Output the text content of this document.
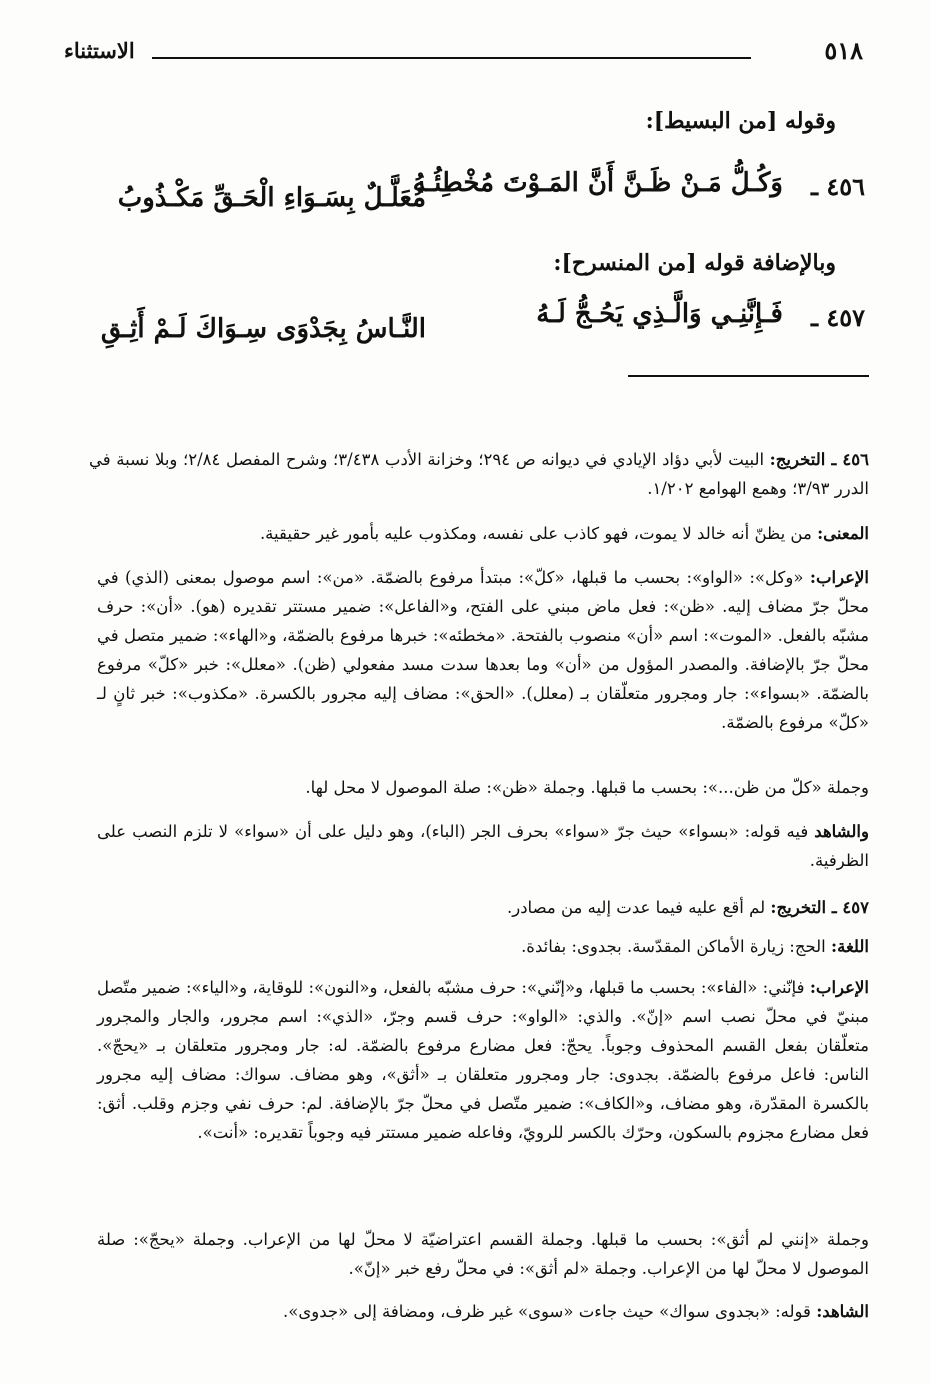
٥١٨
الاستثناء
وقوله [من البسيط]:
٤٥٦ ـ
وَكُـلُّ مَـنْ ظَـنَّ أَنَّ المَـوْتَ مُخْطِئُـهُ
مُعَلَّـلٌ بِسَـوَاءِ الْحَـقِّ مَكْـذُوبُ
وبالإضافة قوله [من المنسرح]:
٤٥٧ ـ
فَـإِنَّنِـي وَالَّـذِي يَحُـجُّ لَـهُ
النَّـاسُ بِجَدْوَى سِـوَاكَ لَـمْ أَثِـقِ
٤٥٦ ـ التخريج: البيت لأبي دؤاد الإيادي في ديوانه ص ٢٩٤؛ وخزانة الأدب ٣/٤٣٨؛ وشرح المفصل ٢/٨٤؛ وبلا نسبة في الدرر ٣/٩٣؛ وهمع الهوامع ١/٢٠٢.
المعنى: من يظنّ أنه خالد لا يموت، فهو كاذب على نفسه، ومكذوب عليه بأمور غير حقيقية.
الإعراب: «وكل»: «الواو»: بحسب ما قبلها، «كلّ»: مبتدأ مرفوع بالضمّة. «من»: اسم موصول بمعنى (الذي) في محلّ جرّ مضاف إليه. «ظن»: فعل ماض مبني على الفتح، و«الفاعل»: ضمير مستتر تقديره (هو). «أن»: حرف مشبّه بالفعل. «الموت»: اسم «أن» منصوب بالفتحة. «مخطئه»: خبرها مرفوع بالضمّة، و«الهاء»: ضمير متصل في محلّ جرّ بالإضافة. والمصدر المؤول من «أن» وما بعدها سدت مسد مفعولي (ظن). «معلل»: خبر «كلّ» مرفوع بالضمّة. «بسواء»: جار ومجرور متعلّقان بـ (معلل). «الحق»: مضاف إليه مجرور بالكسرة. «مكذوب»: خبر ثانٍ لـ «كلّ» مرفوع بالضمّة.
وجملة «كلّ من ظن...»: بحسب ما قبلها. وجملة «ظن»: صلة الموصول لا محل لها.
والشاهد فيه قوله: «بسواء» حيث جرّ «سواء» بحرف الجر (الباء)، وهو دليل على أن «سواء» لا تلزم النصب على الظرفية.
٤٥٧ ـ التخريج: لم أقع عليه فيما عدت إليه من مصادر.
اللغة: الحج: زيارة الأماكن المقدّسة. بجدوى: بفائدة.
الإعراب: فإنّني: «الفاء»: بحسب ما قبلها، و«إنّني»: حرف مشبّه بالفعل، و«النون»: للوقاية، و«الياء»: ضمير متّصل مبنيّ في محلّ نصب اسم «إنّ». والذي: «الواو»: حرف قسم وجرّ، «الذي»: اسم مجرور، والجار والمجرور متعلّقان بفعل القسم المحذوف وجوباً. يحجّ: فعل مضارع مرفوع بالضمّة. له: جار ومجرور متعلقان بـ «يحجّ». الناس: فاعل مرفوع بالضمّة. بجدوى: جار ومجرور متعلقان بـ «أثق»، وهو مضاف. سواك: مضاف إليه مجرور بالكسرة المقدّرة، وهو مضاف، و«الكاف»: ضمير متّصل في محلّ جرّ بالإضافة. لم: حرف نفي وجزم وقلب. أثق: فعل مضارع مجزوم بالسكون، وحرّك بالكسر للرويّ، وفاعله ضمير مستتر فيه وجوباً تقديره: «أنت».
وجملة «إنني لم أثق»: بحسب ما قبلها. وجملة القسم اعتراضيّة لا محلّ لها من الإعراب. وجملة «يحجّ»: صلة الموصول لا محلّ لها من الإعراب. وجملة «لم أثق»: في محلّ رفع خبر «إنّ».
الشاهد: قوله: «بجدوى سواك» حيث جاءت «سوى» غير ظرف، ومضافة إلى «جدوى».
